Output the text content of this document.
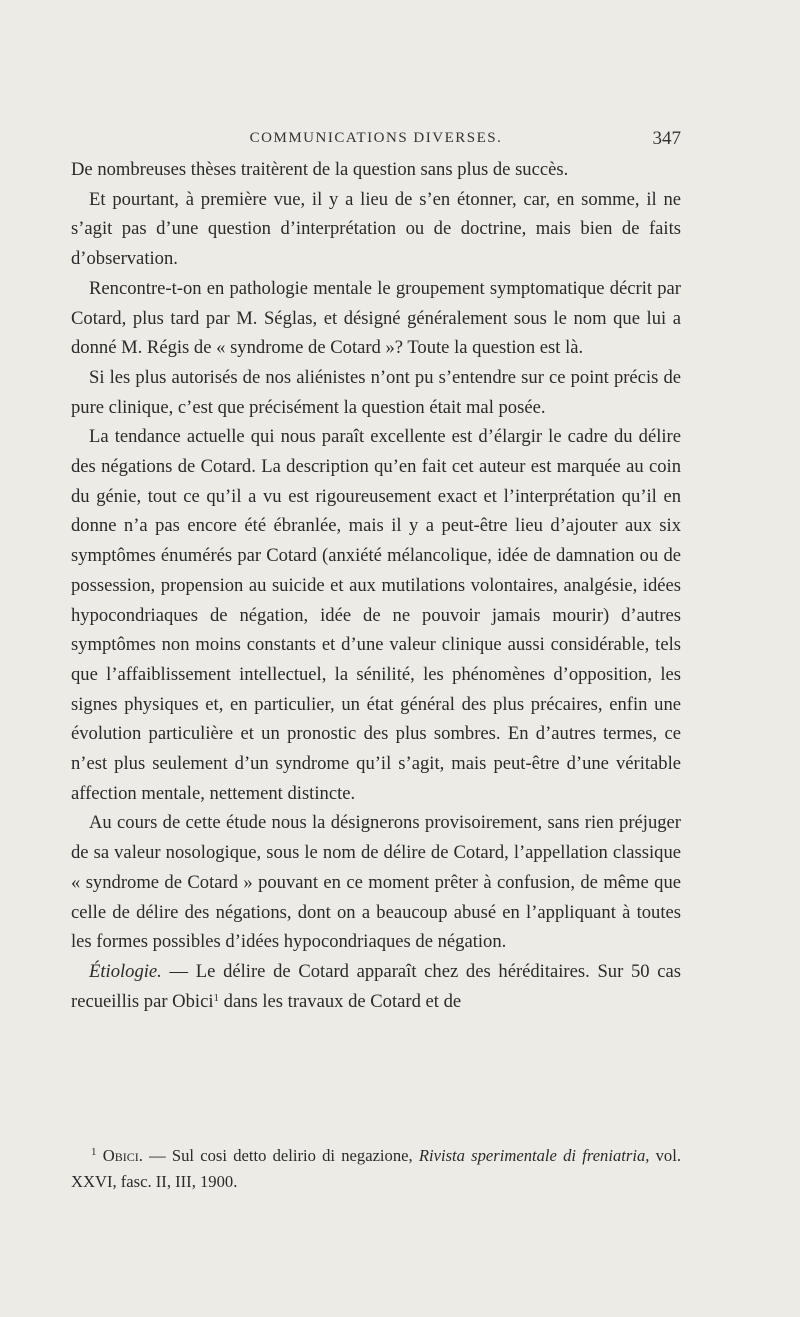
COMMUNICATIONS DIVERSES.	347

De nombreuses thèses traitèrent de la question sans plus de succès.

Et pourtant, à première vue, il y a lieu de s’en étonner, car, en somme, il ne s’agit pas d’une question d’interprétation ou de doctrine, mais bien de faits d’observation.

Rencontre-t-on en pathologie mentale le groupement symptomatique décrit par Cotard, plus tard par M. Séglas, et désigné généralement sous le nom que lui a donné M. Régis de « syndrome de Cotard »? Toute la question est là.

Si les plus autorisés de nos aliénistes n’ont pu s’entendre sur ce point précis de pure clinique, c’est que précisément la question était mal posée.

La tendance actuelle qui nous paraît excellente est d’élargir le cadre du délire des négations de Cotard. La description qu’en fait cet auteur est marquée au coin du génie, tout ce qu’il a vu est rigoureusement exact et l’interprétation qu’il en donne n’a pas encore été ébranlée, mais il y a peut-être lieu d’ajouter aux six symptômes énumérés par Cotard (anxiété mélancolique, idée de damnation ou de possession, propension au suicide et aux mutilations volontaires, analgésie, idées hypocondriaques de négation, idée de ne pouvoir jamais mourir) d’autres symptômes non moins constants et d’une valeur clinique aussi considérable, tels que l’affaiblissement intellectuel, la sénilité, les phénomènes d’opposition, les signes physiques et, en particulier, un état général des plus précaires, enfin une évolution particulière et un pronostic des plus sombres. En d’autres termes, ce n’est plus seulement d’un syndrome qu’il s’agit, mais peut-être d’une véritable affection mentale, nettement distincte.

Au cours de cette étude nous la désignerons provisoirement, sans rien préjuger de sa valeur nosologique, sous le nom de délire de Cotard, l’appellation classique « syndrome de Cotard » pouvant en ce moment prêter à confusion, de même que celle de délire des négations, dont on a beaucoup abusé en l’appliquant à toutes les formes possibles d’idées hypocondriaques de négation.

Étiologie. — Le délire de Cotard apparaît chez des héréditaires. Sur 50 cas recueillis par Obici$^1$ dans les travaux de Cotard et de

$^1$ Obici. — Sul cosi detto delirio di negazione, Rivista sperimentale di freniatria, vol. XXVI, fasc. II, III, 1900.
